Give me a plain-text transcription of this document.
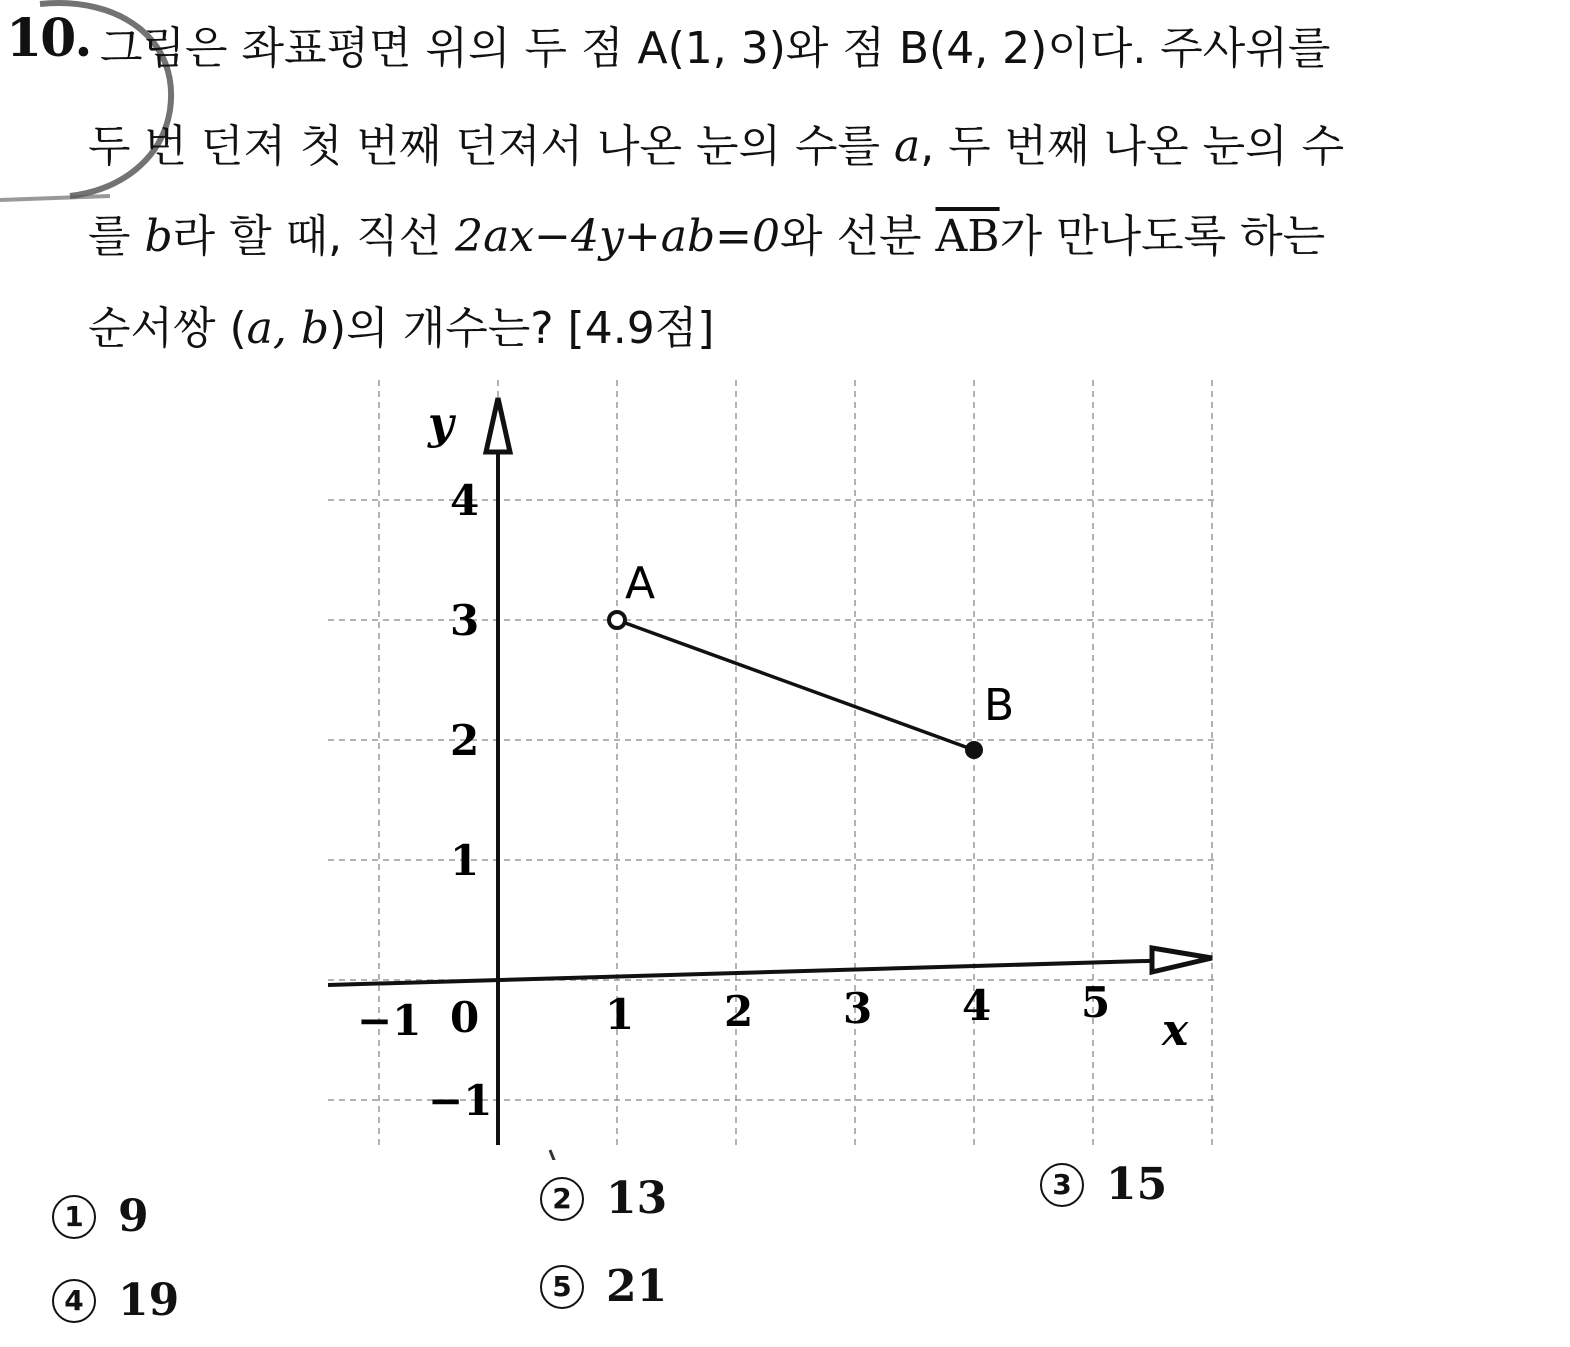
10. 그림은 좌표평면 위의 두 점 A(1, 3)와 점 B(4, 2)이다. 주사위를
두 번 던져 첫 번째 던져서 나온 눈의 수를 a, 두 번째 나온 눈의 수
를 b라 할 때, 직선 2ax−4y+ab=0와 선분 $\overline{AB}$가 만나도록 하는
순서쌍 (a, b)의 개수는? [4.9점]
y
x
−1 0	1 2 3 4 5
4
3
2
1
−1
A
B
1 9	2 13	3 15
4 19	5 21
